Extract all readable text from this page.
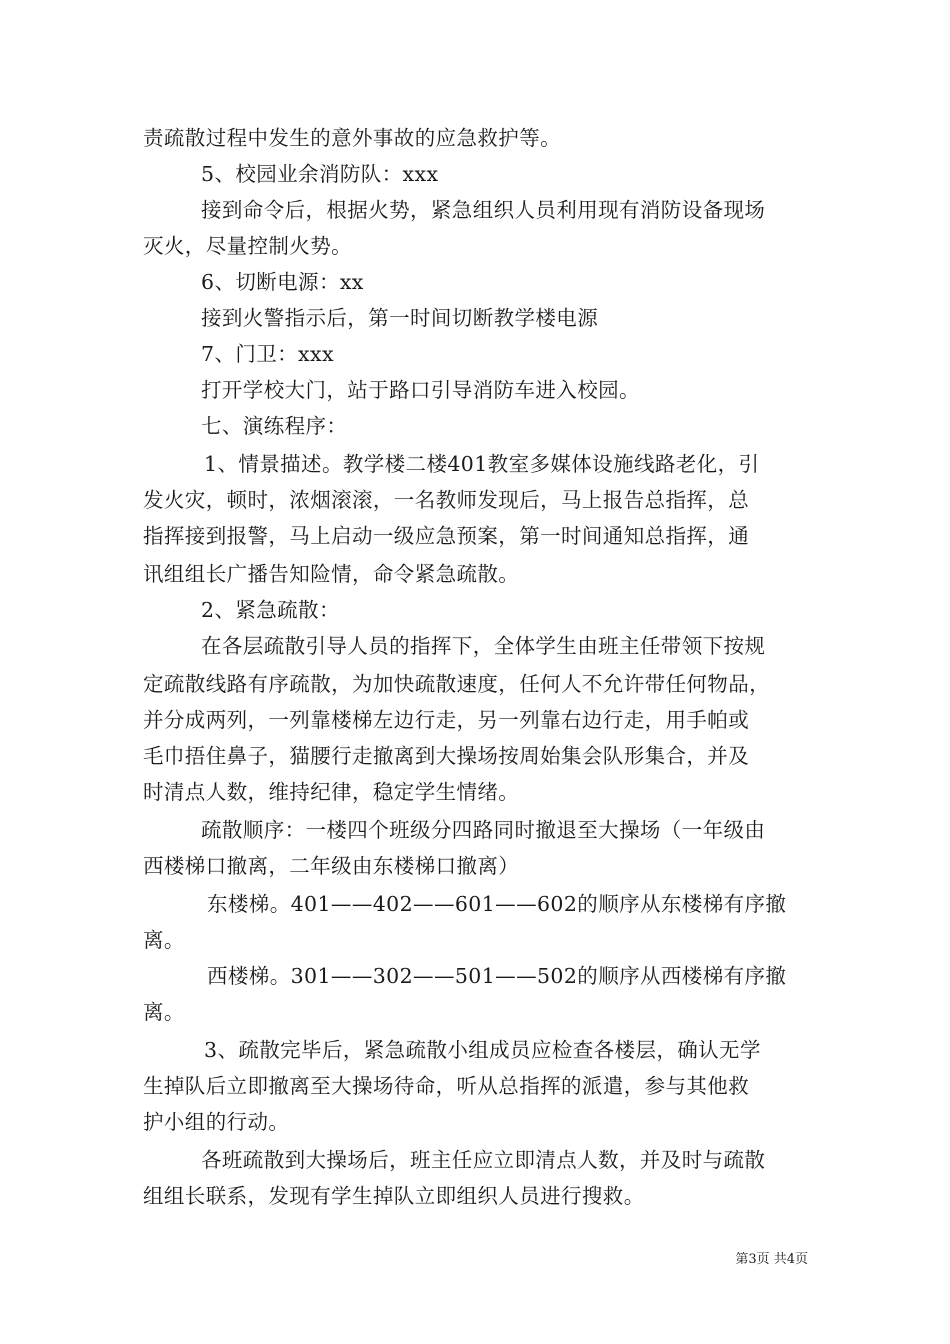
责疏散过程中发生的意外事故的应急救护等。
5、校园业余消防队：xxx
接到命令后，根据火势，紧急组织人员利用现有消防设备现场
灭火，尽量控制火势。
6、切断电源：xx
接到火警指示后，第一时间切断教学楼电源
7、门卫：xxx
打开学校大门，站于路口引导消防车进入校园。
七、演练程序：
1、情景描述。教学楼二楼401教室多媒体设施线路老化，引
发火灾，顿时，浓烟滚滚，一名教师发现后，马上报告总指挥，总
指挥接到报警，马上启动一级应急预案，第一时间通知总指挥，通
讯组组长广播告知险情，命令紧急疏散。
2、紧急疏散：
在各层疏散引导人员的指挥下，全体学生由班主任带领下按规
定疏散线路有序疏散，为加快疏散速度，任何人不允许带任何物品，
并分成两列，一列靠楼梯左边行走，另一列靠右边行走，用手帕或
毛巾捂住鼻子，猫腰行走撤离到大操场按周始集会队形集合，并及
时清点人数，维持纪律，稳定学生情绪。
疏散顺序：一楼四个班级分四路同时撤退至大操场（一年级由
西楼梯口撤离，二年级由东楼梯口撤离）
东楼梯。401——402——601——602的顺序从东楼梯有序撤
离。
西楼梯。301——302——501——502的顺序从西楼梯有序撤
离。
3、疏散完毕后，紧急疏散小组成员应检查各楼层，确认无学
生掉队后立即撤离至大操场待命，听从总指挥的派遣，参与其他救
护小组的行动。
各班疏散到大操场后，班主任应立即清点人数，并及时与疏散
组组长联系，发现有学生掉队立即组织人员进行搜救。
第3页 共4页
